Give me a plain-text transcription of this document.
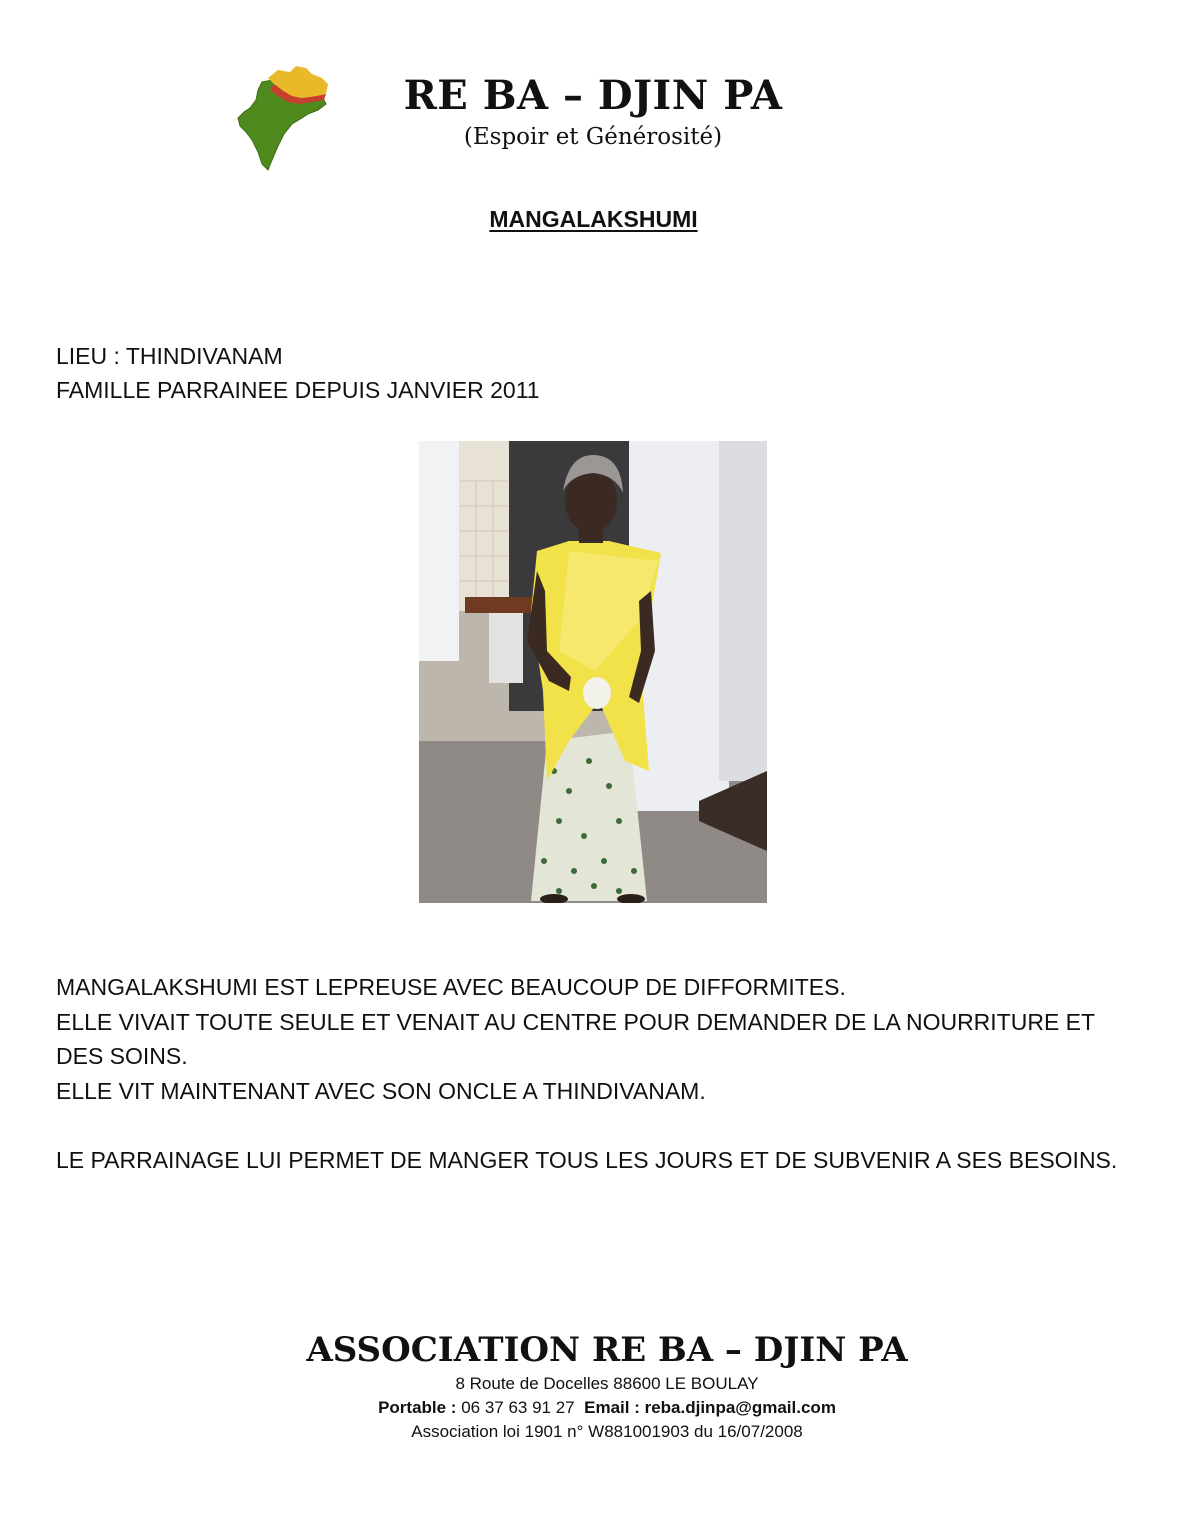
RE BA – DJIN PA

(Espoir et Générosité)

MANGALAKSHUMI

LIEU : THINDIVANAM

FAMILLE PARRAINEE DEPUIS JANVIER 2011

MANGALAKSHUMI EST LEPREUSE AVEC BEAUCOUP DE DIFFORMITES.

ELLE VIVAIT TOUTE SEULE ET VENAIT AU CENTRE POUR DEMANDER DE LA NOURRITURE ET DES SOINS.

ELLE VIT MAINTENANT AVEC SON ONCLE A THINDIVANAM.

LE PARRAINAGE LUI PERMET DE MANGER TOUS LES JOURS ET DE SUBVENIR A SES BESOINS.

ASSOCIATION RE BA – DJIN PA

8 Route de Docelles 88600 LE BOULAY

Portable : 06 37 63 91 27 Email : reba.djinpa@gmail.com

Association loi 1901 n° W881001903 du 16/07/2008
